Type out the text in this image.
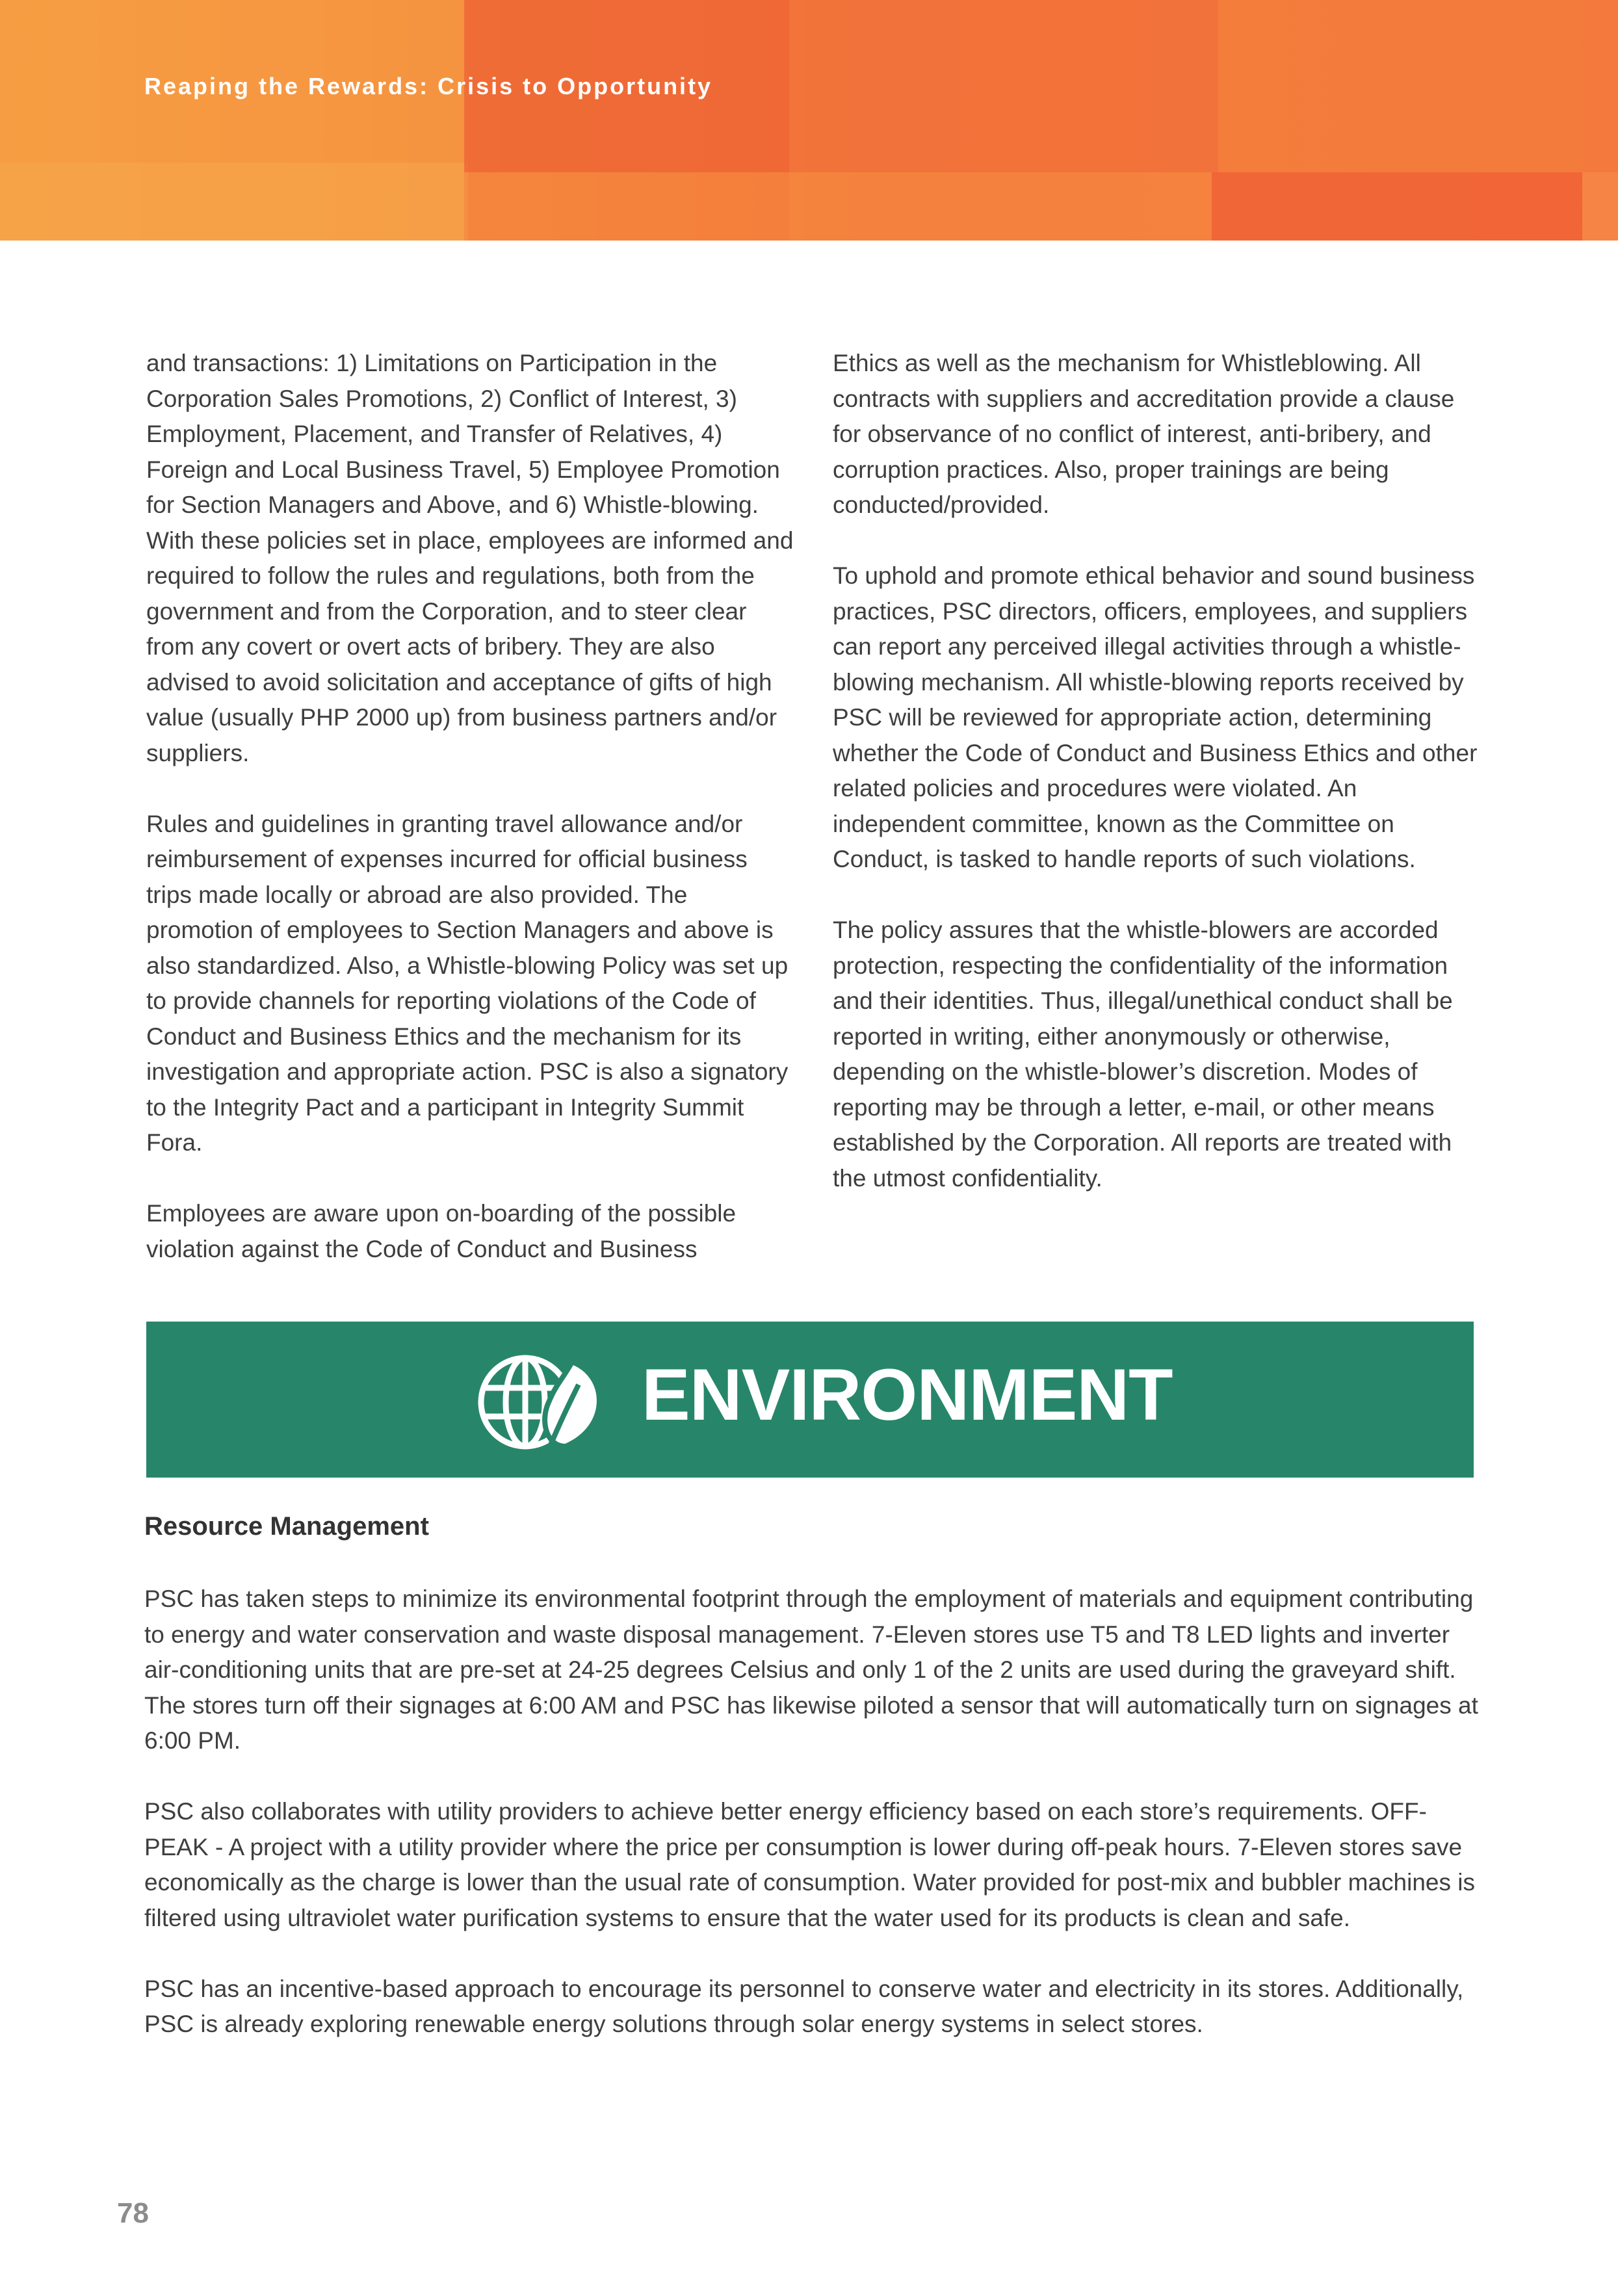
Reaping the Rewards: Crisis to Opportunity

and transactions: 1) Limitations on Participation in the Corporation Sales Promotions, 2) Conflict of Interest, 3) Employment, Placement, and Transfer of Relatives, 4) Foreign and Local Business Travel, 5) Employee Promotion for Section Managers and Above, and 6) Whistle-blowing. With these policies set in place, employees are informed and required to follow the rules and regulations, both from the government and from the Corporation, and to steer clear from any covert or overt acts of bribery. They are also advised to avoid solicitation and acceptance of gifts of high value (usually PHP 2000 up) from business partners and/or suppliers.

Rules and guidelines in granting travel allowance and/or reimbursement of expenses incurred for official business trips made locally or abroad are also provided. The promotion of employees to Section Managers and above is also standardized. Also, a Whistle-blowing Policy was set up to provide channels for reporting violations of the Code of Conduct and Business Ethics and the mechanism for its investigation and appropriate action. PSC is also a signatory to the Integrity Pact and a participant in Integrity Summit Fora.

Employees are aware upon on-boarding of the possible violation against the Code of Conduct and Business

Ethics as well as the mechanism for Whistleblowing. All contracts with suppliers and accreditation provide a clause for observance of no conflict of interest, anti-bribery, and corruption practices. Also, proper trainings are being conducted/provided.

To uphold and promote ethical behavior and sound business practices, PSC directors, officers, employees, and suppliers can report any perceived illegal activities through a whistle-blowing mechanism. All whistle-blowing reports received by PSC will be reviewed for appropriate action, determining whether the Code of Conduct and Business Ethics and other related policies and procedures were violated. An independent committee, known as the Committee on Conduct, is tasked to handle reports of such violations.

The policy assures that the whistle-blowers are accorded protection, respecting the confidentiality of the information and their identities. Thus, illegal/unethical conduct shall be reported in writing, either anonymously or otherwise, depending on the whistle-blower’s discretion. Modes of reporting may be through a letter, e-mail, or other means established by the Corporation. All reports are treated with the utmost confidentiality.

ENVIRONMENT
Resource Management

PSC has taken steps to minimize its environmental footprint through the employment of materials and equipment contributing to energy and water conservation and waste disposal management. 7-Eleven stores use T5 and T8 LED lights and inverter air-conditioning units that are pre-set at 24-25 degrees Celsius and only 1 of the 2 units are used during the graveyard shift. The stores turn off their signages at 6:00 AM and PSC has likewise piloted a sensor that will automatically turn on signages at 6:00 PM.

PSC also collaborates with utility providers to achieve better energy efficiency based on each store’s requirements. OFF-PEAK - A project with a utility provider where the price per consumption is lower during off-peak hours. 7-Eleven stores save economically as the charge is lower than the usual rate of consumption. Water provided for post-mix and bubbler machines is filtered using ultraviolet water purification systems to ensure that the water used for its products is clean and safe.

PSC has an incentive-based approach to encourage its personnel to conserve water and electricity in its stores. Additionally, PSC is already exploring renewable energy solutions through solar energy systems in select stores.

78
